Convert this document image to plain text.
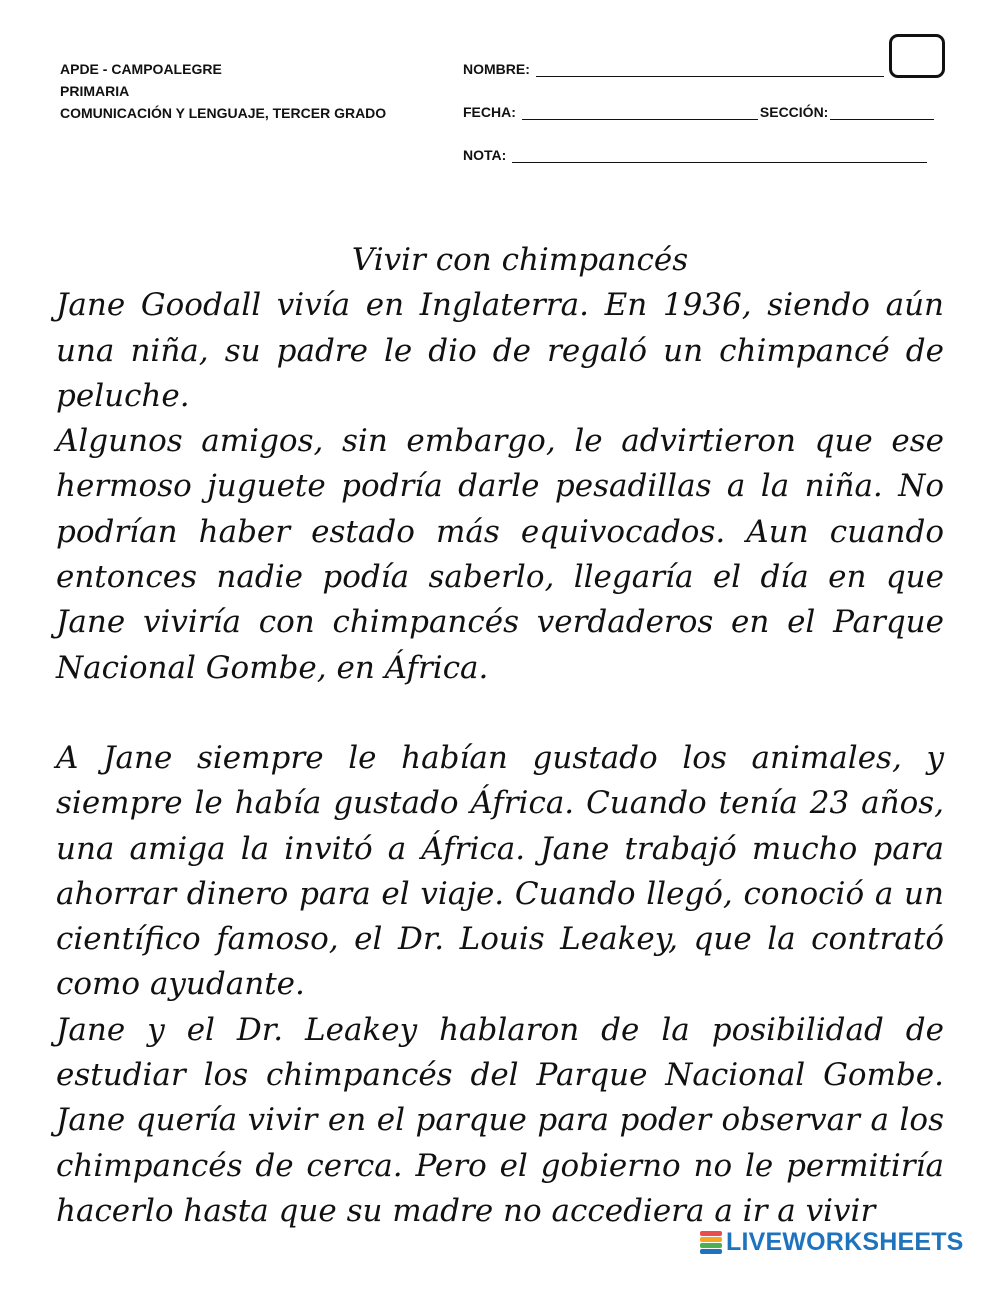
APDE - CAMPOALEGRE
PRIMARIA
COMUNICACIÓN Y LENGUAJE, TERCER GRADO
NOMBRE:
FECHA:	SECCIÓN:
NOTA:
Vivir con chimpancés

Jane Goodall vivía en Inglaterra. En 1936, siendo aún una niña, su padre le dio de regaló un chimpancé de peluche.

Algunos amigos, sin embargo, le advirtieron que ese hermoso juguete podría darle pesadillas a la niña. No podrían haber estado más equivocados. Aun cuando entonces nadie podía saberlo, llegaría el día en que Jane viviría con chimpancés verdaderos en el Parque Nacional Gombe, en África.

A Jane siempre le habían gustado los animales, y siempre le había gustado África. Cuando tenía 23 años, una amiga la invitó a África. Jane trabajó mucho para ahorrar dinero para el viaje. Cuando llegó, conoció a un científico famoso, el Dr. Louis Leakey, que la contrató como ayudante.

Jane y el Dr. Leakey hablaron de la posibilidad de estudiar los chimpancés del Parque Nacional Gombe. Jane quería vivir en el parque para poder observar a los chimpancés de cerca. Pero el gobierno no le permitiría hacerlo hasta que su madre no accediera a ir a vivir

LIVEWORKSHEETS
